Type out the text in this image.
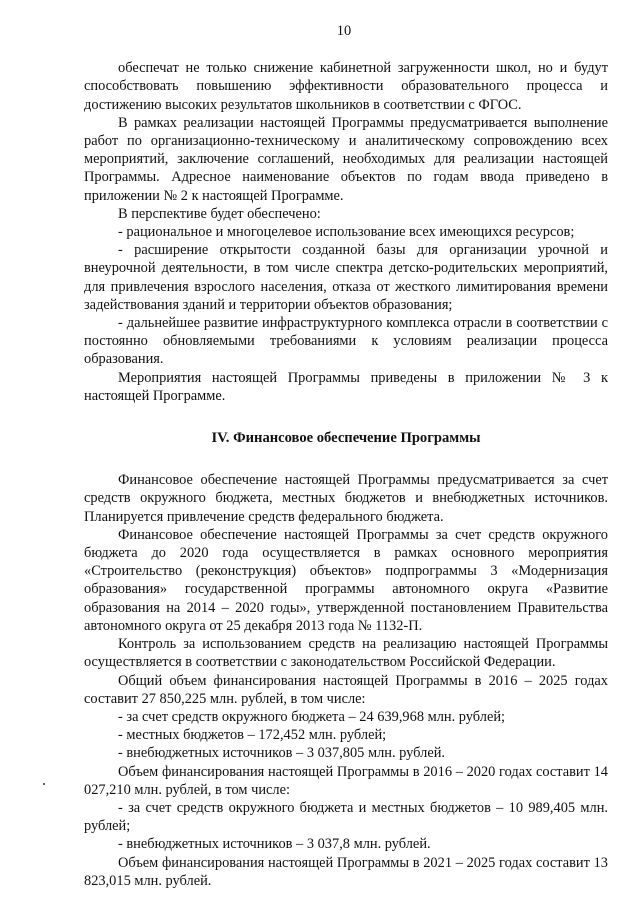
10

обеспечат не только снижение кабинетной загруженности школ, но и будут способствовать повышению эффективности образовательного процесса и достижению высоких результатов школьников в соответствии с ФГОС.

В рамках реализации настоящей Программы предусматривается выполнение работ по организационно-техническому и аналитическому сопровождению всех мероприятий, заключение соглашений, необходимых для реализации настоящей Программы. Адресное наименование объектов по годам ввода приведено в приложении № 2 к настоящей Программе.

В перспективе будет обеспечено:

- рациональное и многоцелевое использование всех имеющихся ресурсов;

- расширение открытости созданной базы для организации урочной и внеурочной деятельности, в том числе спектра детско-родительских мероприятий, для привлечения взрослого населения, отказа от жесткого лимитирования времени задействования зданий и территории объектов образования;

- дальнейшее развитие инфраструктурного комплекса отрасли в соответствии с постоянно обновляемыми требованиями к условиям реализации процесса образования.

Мероприятия настоящей Программы приведены в приложении № 3 к настоящей Программе.

IV. Финансовое обеспечение Программы

Финансовое обеспечение настоящей Программы предусматривается за счет средств окружного бюджета, местных бюджетов и внебюджетных источников. Планируется привлечение средств федерального бюджета.

Финансовое обеспечение настоящей Программы за счет средств окружного бюджета до 2020 года осуществляется в рамках основного мероприятия «Строительство (реконструкция) объектов» подпрограммы 3 «Модернизация образования» государственной программы автономного округа «Развитие образования на 2014 – 2020 годы», утвержденной постановлением Правительства автономного округа от 25 декабря 2013 года № 1132-П.

Контроль за использованием средств на реализацию настоящей Программы осуществляется в соответствии с законодательством Российской Федерации.

Общий объем финансирования настоящей Программы в 2016 – 2025 годах составит 27 850,225 млн. рублей, в том числе:

- за счет средств окружного бюджета – 24 639,968 млн. рублей;

- местных бюджетов – 172,452 млн. рублей;

- внебюджетных источников – 3 037,805 млн. рублей.

Объем финансирования настоящей Программы в 2016 – 2020 годах составит 14 027,210 млн. рублей, в том числе:

- за счет средств окружного бюджета и местных бюджетов – 10 989,405 млн. рублей;

- внебюджетных источников – 3 037,8 млн. рублей.

Объем финансирования настоящей Программы в 2021 – 2025 годах составит 13 823,015 млн. рублей.
